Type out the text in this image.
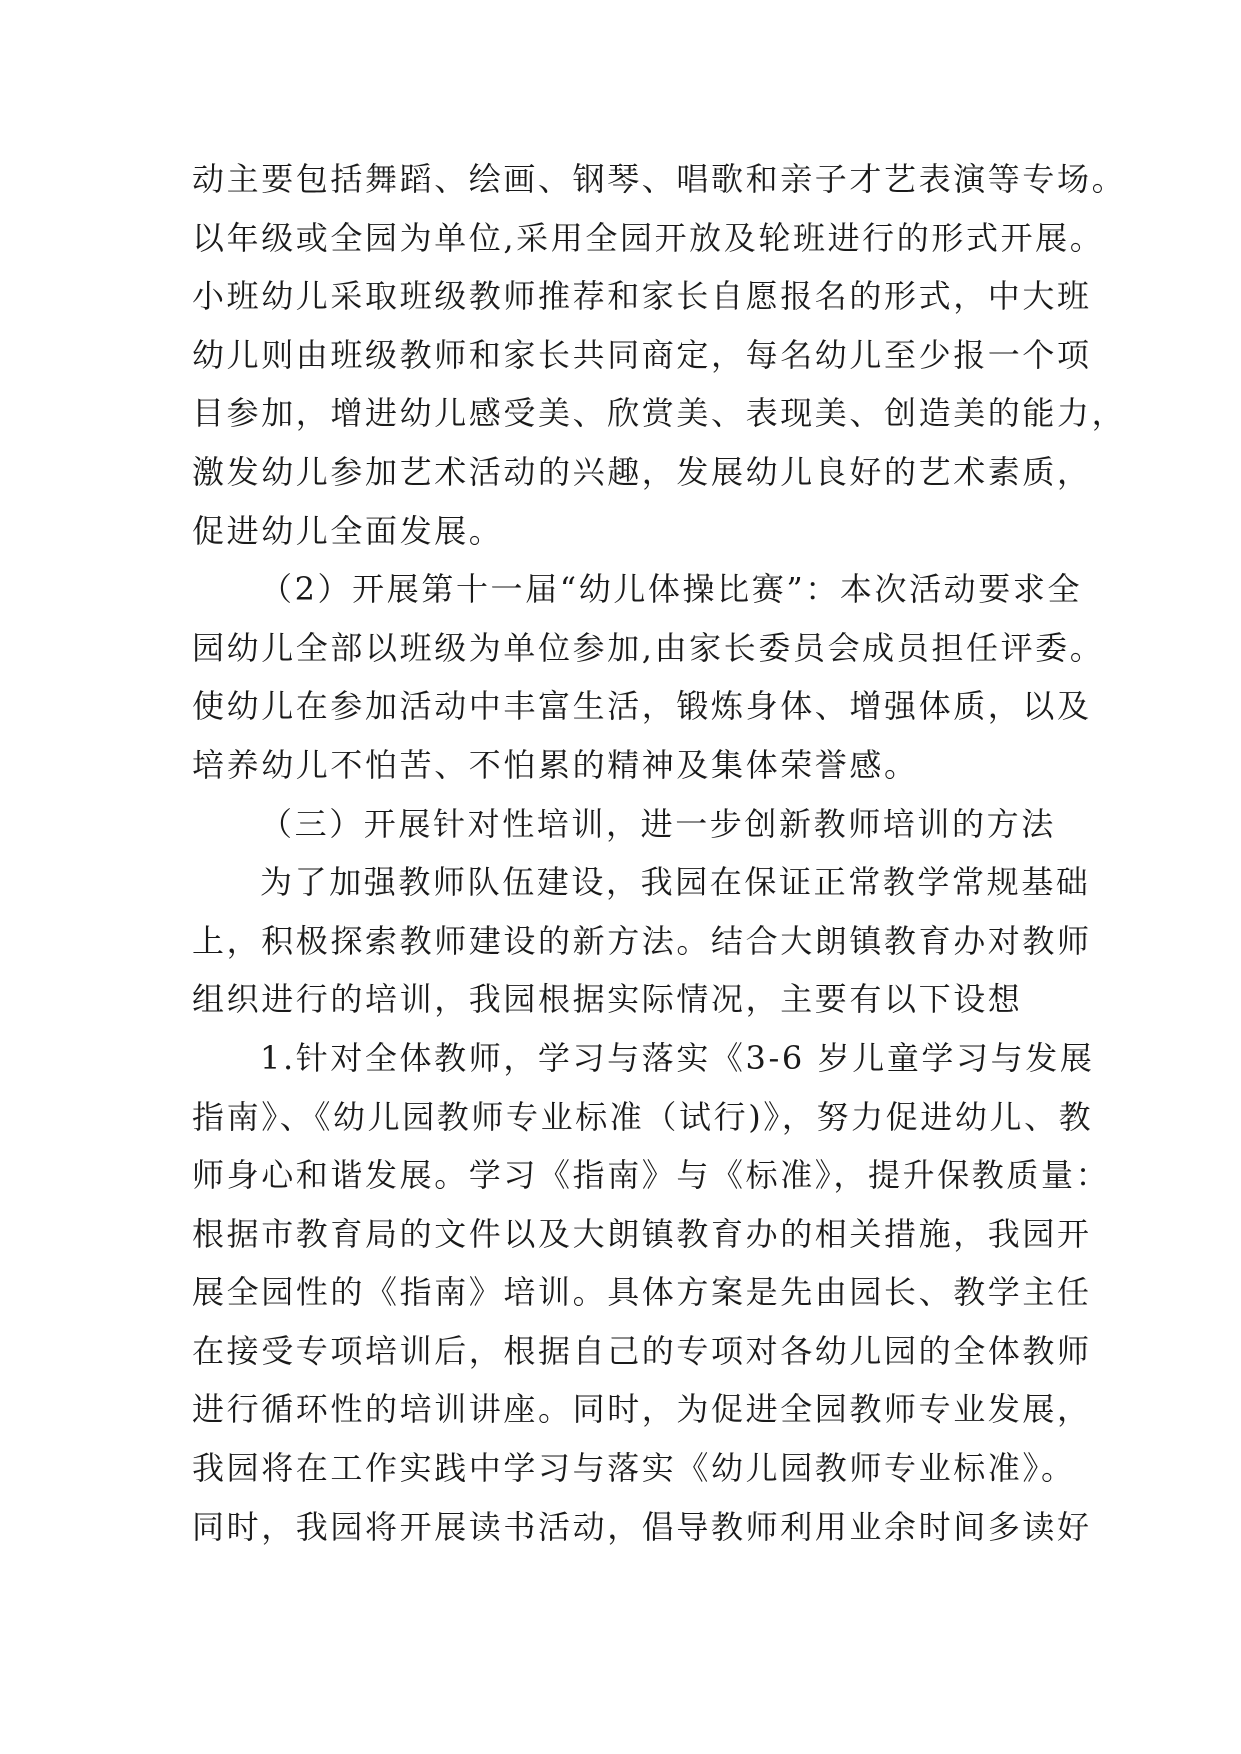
动主要包括舞蹈、绘画、钢琴、唱歌和亲子才艺表演等专场。
以年级或全园为单位,采用全园开放及轮班进行的形式开展。
小班幼儿采取班级教师推荐和家长自愿报名的形式，中大班
幼儿则由班级教师和家长共同商定，每名幼儿至少报一个项
目参加，增进幼儿感受美、欣赏美、表现美、创造美的能力，
激发幼儿参加艺术活动的兴趣，发展幼儿良好的艺术素质，
促进幼儿全面发展。
（2）开展第十一届“幼儿体操比赛”：本次活动要求全
园幼儿全部以班级为单位参加,由家长委员会成员担任评委。
使幼儿在参加活动中丰富生活，锻炼身体、增强体质，以及
培养幼儿不怕苦、不怕累的精神及集体荣誉感。
（三）开展针对性培训，进一步创新教师培训的方法
为了加强教师队伍建设，我园在保证正常教学常规基础
上，积极探索教师建设的新方法。结合大朗镇教育办对教师
组织进行的培训，我园根据实际情况，主要有以下设想
1.针对全体教师，学习与落实《3-6 岁儿童学习与发展
指南》、《幼儿园教师专业标准（试行)》，努力促进幼儿、教
师身心和谐发展。学习《指南》与《标准》，提升保教质量：
根据市教育局的文件以及大朗镇教育办的相关措施，我园开
展全园性的《指南》培训。具体方案是先由园长、教学主任
在接受专项培训后，根据自己的专项对各幼儿园的全体教师
进行循环性的培训讲座。同时，为促进全园教师专业发展，
我园将在工作实践中学习与落实《幼儿园教师专业标准》。
同时，我园将开展读书活动，倡导教师利用业余时间多读好
